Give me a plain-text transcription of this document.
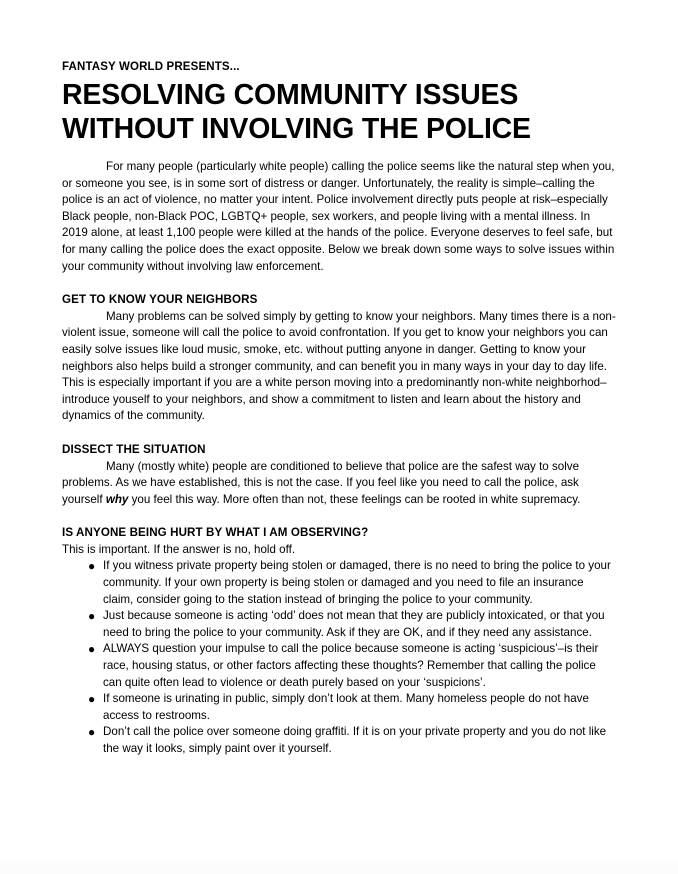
FANTASY WORLD PRESENTS...

RESOLVING COMMUNITY ISSUES
WITHOUT INVOLVING THE POLICE

For many people (particularly white people) calling the police seems like the natural step when you, or someone you see, is in some sort of distress or danger. Unfortunately, the reality is simple–calling the police is an act of violence, no matter your intent. Police involvement directly puts people at risk–especially Black people, non-Black POC, LGBTQ+ people, sex workers, and people living with a mental illness. In 2019 alone, at least 1,100 people were killed at the hands of the police. Everyone deserves to feel safe, but for many calling the police does the exact opposite. Below we break down some ways to solve issues within your community without involving law enforcement.

GET TO KNOW YOUR NEIGHBORS

Many problems can be solved simply by getting to know your neighbors. Many times there is a non-violent issue, someone will call the police to avoid confrontation. If you get to know your neighbors you can easily solve issues like loud music, smoke, etc. without putting anyone in danger. Getting to know your neighbors also helps build a stronger community, and can benefit you in many ways in your day to day life. This is especially important if you are a white person moving into a predominantly non-white neighborhod–introduce youself to your neighbors, and show a commitment to listen and learn about the history and dynamics of the community.

DISSECT THE SITUATION

Many (mostly white) people are conditioned to believe that police are the safest way to solve problems. As we have established, this is not the case. If you feel like you need to call the police, ask yourself why you feel this way. More often than not, these feelings can be rooted in white supremacy.

IS ANYONE BEING HURT BY WHAT I AM OBSERVING?

This is important. If the answer is no, hold off.

● If you witness private property being stolen or damaged, there is no need to bring the police to your community. If your own property is being stolen or damaged and you need to file an insurance claim, consider going to the station instead of bringing the police to your community.
● Just because someone is acting ‘odd’ does not mean that they are publicly intoxicated, or that you need to bring the police to your community. Ask if they are OK, and if they need any assistance.
● ALWAYS question your impulse to call the police because someone is acting ‘suspicious’–is their race, housing status, or other factors affecting these thoughts? Remember that calling the police can quite often lead to violence or death purely based on your ‘suspicions’.
● If someone is urinating in public, simply don’t look at them. Many homeless people do not have access to restrooms.
● Don’t call the police over someone doing graffiti. If it is on your private property and you do not like the way it looks, simply paint over it yourself.
